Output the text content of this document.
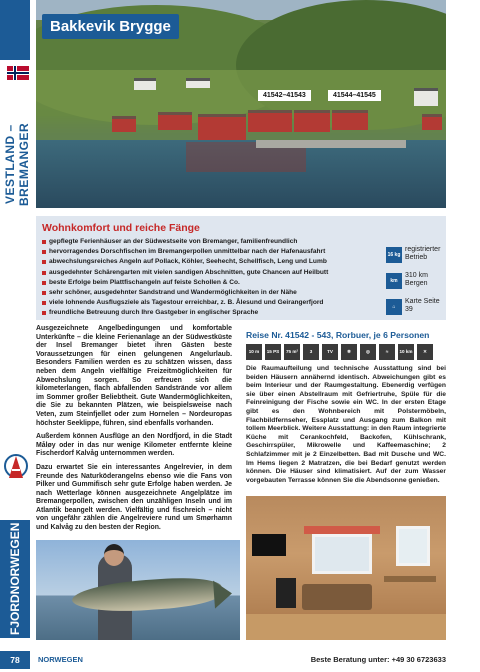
VESTLAND – BREMANGER
FJORDNORWEGEN
Bakkevik Brygge
41542–41543	41544–41545
Wohnkomfort und reiche Fänge
gepflegte Ferienhäuser an der Südwestseite von Bremanger, familienfreundlich
hervorragendes Dorschfischen im Bremangerpollen unmittelbar nach der Hafenausfahrt
abwechslungsreiches Angeln auf Pollack, Köhler, Seehecht, Schellfisch, Leng und Lumb
ausgedehnter Schärengarten mit vielen sandigen Abschnitten, gute Chancen auf Heilbutt
beste Erfolge beim Plattfischangeln auf feiste Schollen & Co.
sehr schöner, ausgedehnter Sandstrand und Wandermöglichkeiten in der Nähe
viele lohnende Ausflugsziele als Tagestour erreichbar, z. B. Ålesund und Geirangerfjord
freundliche Betreuung durch Ihre Gastgeber in englischer Sprache
16 kg
registrierter Betrieb
km
310 km Bergen
⌂
Karte Seite 39

Ausgezeichnete Angelbedingungen und komfortable Unterkünfte – die kleine Ferienanlage an der Südwestküste der Insel Bremanger bietet ihren Gästen beste Voraussetzungen für einen gelungenen Angelurlaub. Besonders Familien werden es zu schätzen wissen, dass neben dem Angeln vielfältige Freizeitmöglichkeiten für Abwechslung sorgen. So erfreuen sich die kilometerlangen, flach abfallenden Sandstrände vor allem im Sommer großer Beliebtheit. Gute Wandermöglichkeiten, die Sie zu bekannten Plätzen, wie beispielsweise nach Veten, zum Steinfjellet oder zum Hornelen – Nordeuropas höchster Seeklippe, führen, sind ebenfalls vorhanden.

Außerdem können Ausflüge an den Nordfjord, in die Stadt Måløy oder in das nur wenige Kilometer entfernte kleine Fischerdorf Kalvåg unternommen werden.

Dazu erwartet Sie ein interessantes Angelrevier, in dem Freunde des Naturköderangelns ebenso wie die Fans von Pilker und Gummifisch sehr gute Erfolge haben werden. Je nach Wetterlage können ausgezeichnete Angelplätze im Bremangerpollen, zwischen den unzähligen Inseln und im Atlantik beangelt werden. Vielfältig und fischreich – nicht von ungefähr zählen die Angelreviere rund um Smørhamn und Kalvåg zu den besten der Region.

Reise Nr. 41542 - 543, Rorbuer, je 6 Personen
10 m	15 PS	75 m²	3	TV	❄	◎	≈	10 km	✕
Die Raumaufteilung und technische Ausstattung sind bei beiden Häusern annähernd identisch. Abweichungen gibt es beim Interieur und der Raumgestaltung. Ebenerdig verfügen sie über einen Abstellraum mit Gefriertruhe, Spüle für die Feinreinigung der Fische sowie ein WC. In der ersten Etage gibt es den Wohnbereich mit Polstermöbeln, Flachbildfernseher, Essplatz und Ausgang zum Balkon mit tollem Meerblick. Weitere Ausstattung: in den Raum integrierte Küche mit Cerankochfeld, Backofen, Kühlschrank, Geschirrspüler, Mikrowelle und Kaffeemaschine; 2 Schlafzimmer mit je 2 Einzelbetten. Bad mit Dusche und WC. Im Hems liegen 2 Matratzen, die bei Bedarf genutzt werden können. Die Häuser sind klimatisiert. Auf der zum Wasser vorgebauten Terrasse können Sie die Abendsonne genießen.
78	NORWEGEN	Beste Beratung unter: +49 30 6723633
